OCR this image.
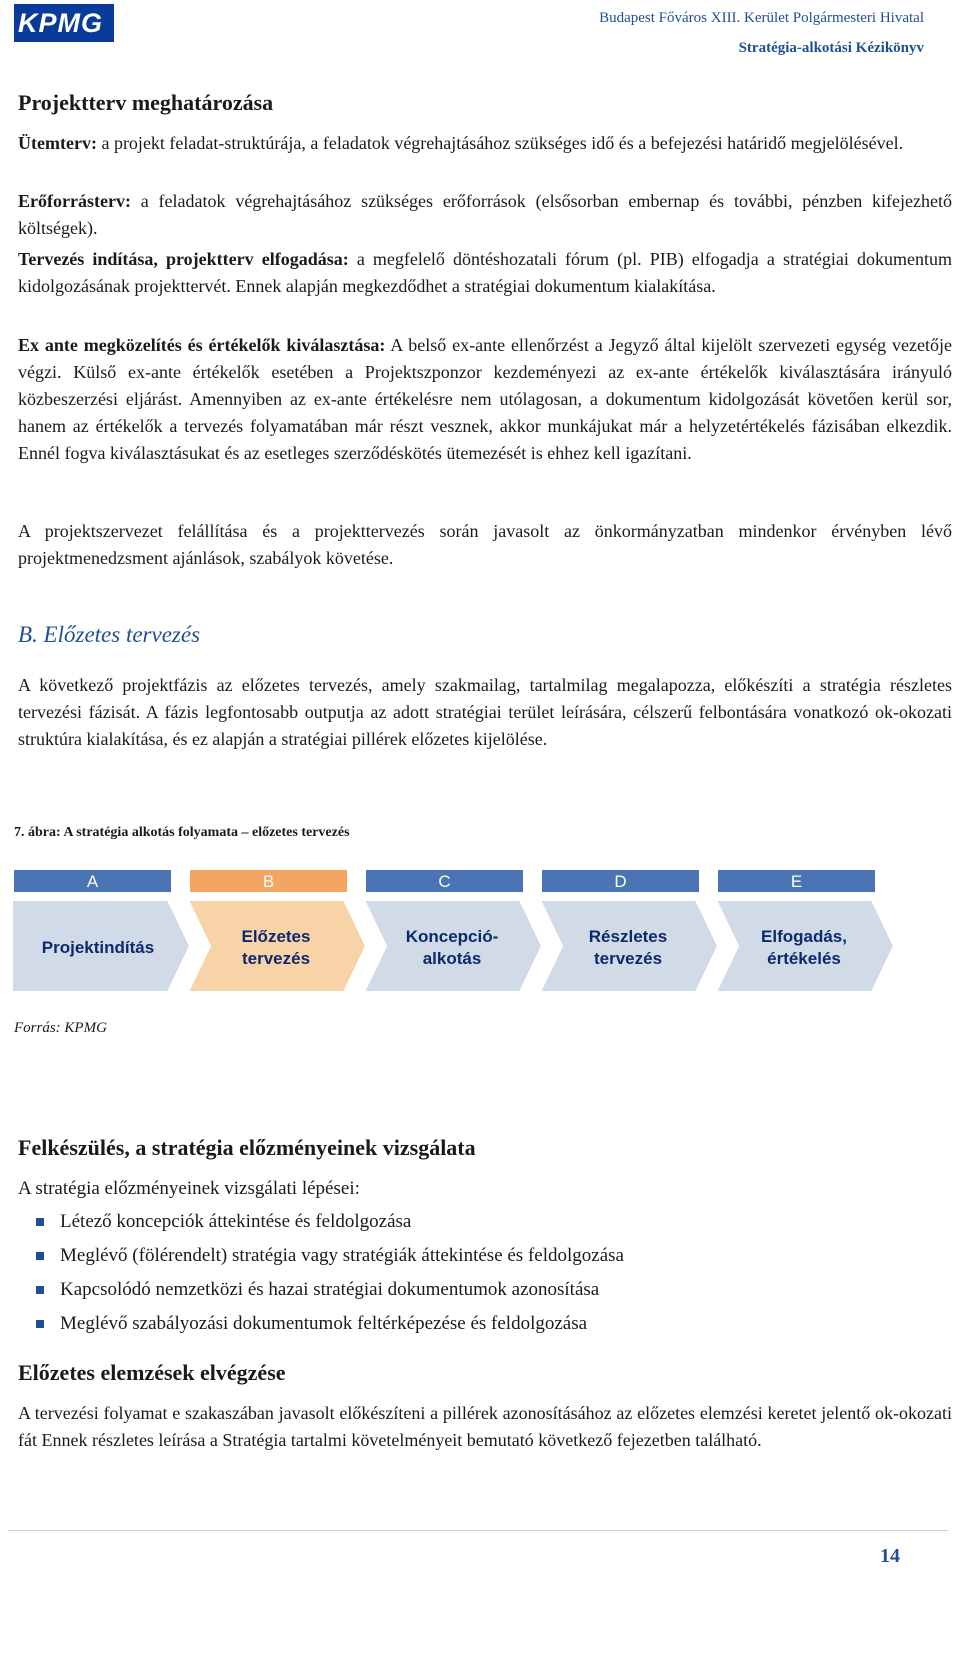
KPMG	Budapest Főváros XIII. Kerület Polgármesteri Hivatal
Stratégia-alkotási Kézikönyv
Projektterv meghatározása
Ütemterv: a projekt feladat-struktúrája, a feladatok végrehajtásához szükséges idő és a befejezési határidő megjelölésével.
Erőforrásterv: a feladatok végrehajtásához szükséges erőforrások (elsősorban embernap és további, pénzben kifejezhető költségek).
Tervezés indítása, projektterv elfogadása: a megfelelő döntéshozatali fórum (pl. PIB) elfogadja a stratégiai dokumentum kidolgozásának projekttervét. Ennek alapján megkezdődhet a stratégiai dokumentum kialakítása.
Ex ante megközelítés és értékelők kiválasztása: A belső ex-ante ellenőrzést a Jegyző által kijelölt szervezeti egység vezetője végzi. Külső ex-ante értékelők esetében a Projektszponzor kezdeményezi az ex-ante értékelők kiválasztására irányuló közbeszerzési eljárást. Amennyiben az ex-ante értékelésre nem utólagosan, a dokumentum kidolgozását követően kerül sor, hanem az értékelők a tervezés folyamatában már részt vesznek, akkor munkájukat már a helyzetértékelés fázisában elkezdik. Ennél fogva kiválasztásukat és az esetleges szerződéskötés ütemezését is ehhez kell igazítani.
A projektszervezet felállítása és a projekttervezés során javasolt az önkormányzatban mindenkor érvényben lévő projektmenedzsment ajánlások, szabályok követése.
B. Előzetes tervezés
A következő projektfázis az előzetes tervezés, amely szakmailag, tartalmilag megalapozza, előkészíti a stratégia részletes tervezési fázisát. A fázis legfontosabb outputja az adott stratégiai terület leírására, célszerű felbontására vonatkozó ok-okozati struktúra kialakítása, és ez alapján a stratégiai pillérek előzetes kijelölése.
7. ábra: A stratégia alkotás folyamata – előzetes tervezés
A
Projektindítás
B
Előzetes
tervezés
C
Koncepció-
alkotás
D
Részletes
tervezés
E
Elfogadás,
értékelés
Forrás: KPMG
Felkészülés, a stratégia előzményeinek vizsgálata
A stratégia előzményeinek vizsgálati lépései:
Létező koncepciók áttekintése és feldolgozása
Meglévő (fölérendelt) stratégia vagy stratégiák áttekintése és feldolgozása
Kapcsolódó nemzetközi és hazai stratégiai dokumentumok azonosítása
Meglévő szabályozási dokumentumok feltérképezése és feldolgozása
Előzetes elemzések elvégzése
A tervezési folyamat e szakaszában javasolt előkészíteni a pillérek azonosításához az előzetes elemzési keretet jelentő ok-okozati fát Ennek részletes leírása a Stratégia tartalmi követelményeit bemutató következő fejezetben található.
14
